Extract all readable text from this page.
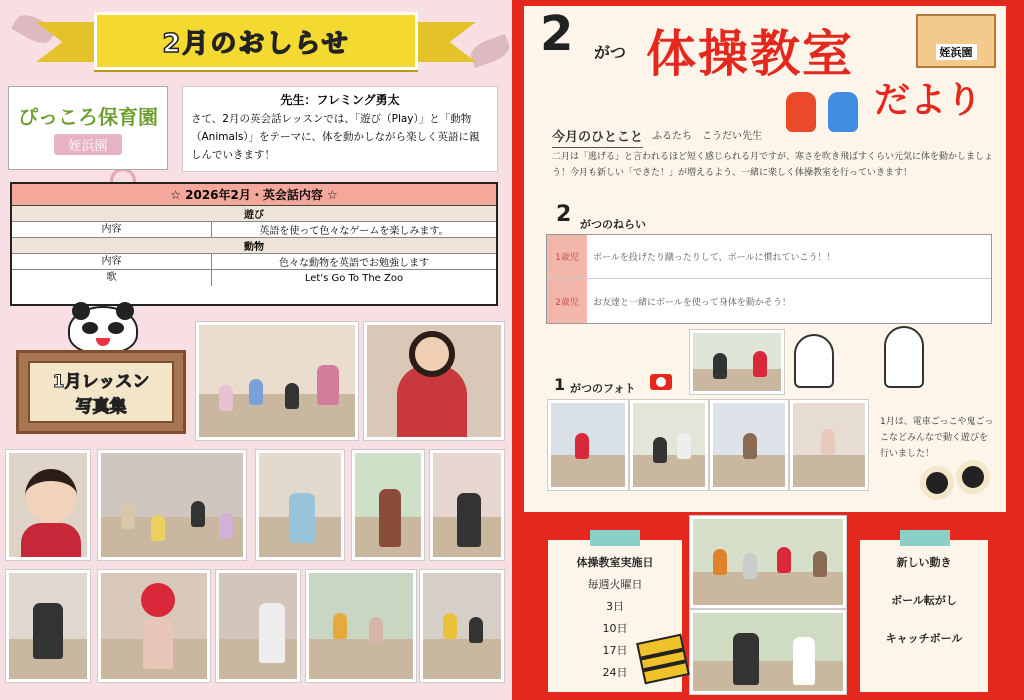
2月のおしらせ
ぴっころ保育園
姪浜園
先生：フレミング勇太
さて、2月の英会話レッスンでは、「遊び（Play）」と「動物（Animals）」をテーマに、体を動かしながら楽しく英語に親しんでいきます！
☆ 2026年2月・英会話内容 ☆
遊び
内容	英語を使って色々なゲームを楽しみます。
動物
内容	色々な動物を英語でお勉強します
歌	Let's Go To The Zoo
1月レッスン
写真集
2 がつ 体操教室
だより
姪浜園
今月のひとこと ふるたち　こうだい先生
二月は「逃げる」と言われるほど短く感じられる月ですが、寒さを吹き飛ばすくらい元気に体を動かしましょう！今月も新しい「できた！」が増えるよう、一緒に楽しく体操教室を行っていきます！
2 がつのねらい
1歳児	ボールを投げたり蹴ったりして、ボールに慣れていこう！！
2歳児	お友達と一緒にボールを使って身体を動かそう！
1 がつのフォト
1月は、電車ごっこや鬼ごっこなどみんなで動く遊びを行いました！
体操教室実施日
毎週火曜日
3日
10日
17日
24日
新しい動き
ボール転がし
キャッチボール
